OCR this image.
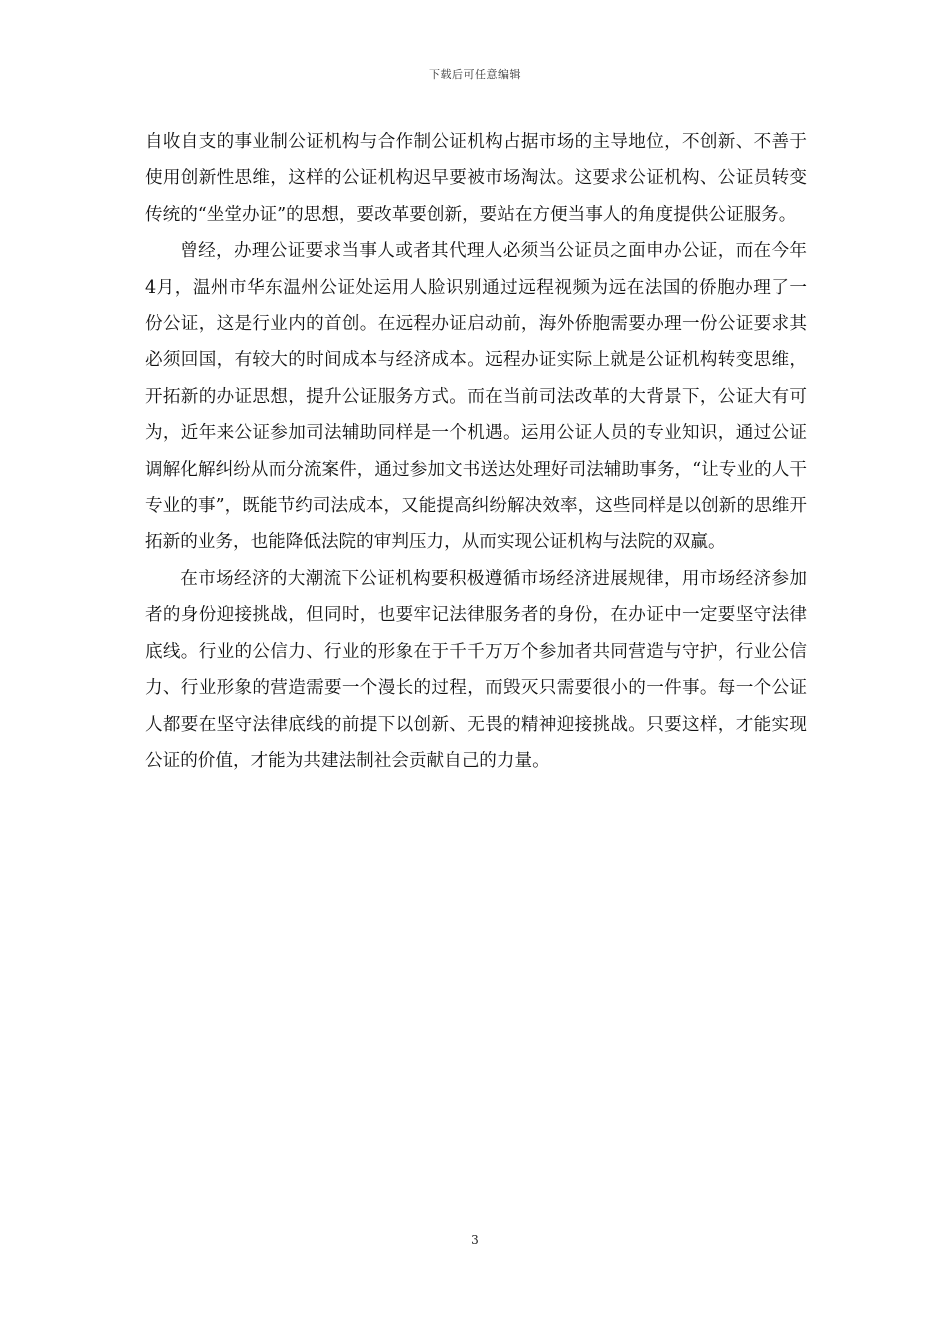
下载后可任意编辑

自收自支的事业制公证机构与合作制公证机构占据市场的主导地位，不创新、不善于使用创新性思维，这样的公证机构迟早要被市场淘汰。这要求公证机构、公证员转变传统的“坐堂办证”的思想，要改革要创新，要站在方便当事人的角度提供公证服务。

曾经，办理公证要求当事人或者其代理人必须当公证员之面申办公证，而在今年4月，温州市华东温州公证处运用人脸识别通过远程视频为远在法国的侨胞办理了一份公证，这是行业内的首创。在远程办证启动前，海外侨胞需要办理一份公证要求其必须回国，有较大的时间成本与经济成本。远程办证实际上就是公证机构转变思维，开拓新的办证思想，提升公证服务方式。而在当前司法改革的大背景下，公证大有可为，近年来公证参加司法辅助同样是一个机遇。运用公证人员的专业知识，通过公证调解化解纠纷从而分流案件，通过参加文书送达处理好司法辅助事务，“让专业的人干专业的事”，既能节约司法成本，又能提高纠纷解决效率，这些同样是以创新的思维开拓新的业务，也能降低法院的审判压力，从而实现公证机构与法院的双赢。

在市场经济的大潮流下公证机构要积极遵循市场经济进展规律，用市场经济参加者的身份迎接挑战，但同时，也要牢记法律服务者的身份，在办证中一定要坚守法律底线。行业的公信力、行业的形象在于千千万万个参加者共同营造与守护，行业公信力、行业形象的营造需要一个漫长的过程，而毁灭只需要很小的一件事。每一个公证人都要在坚守法律底线的前提下以创新、无畏的精神迎接挑战。只要这样，才能实现公证的价值，才能为共建法制社会贡献自己的力量。

3
